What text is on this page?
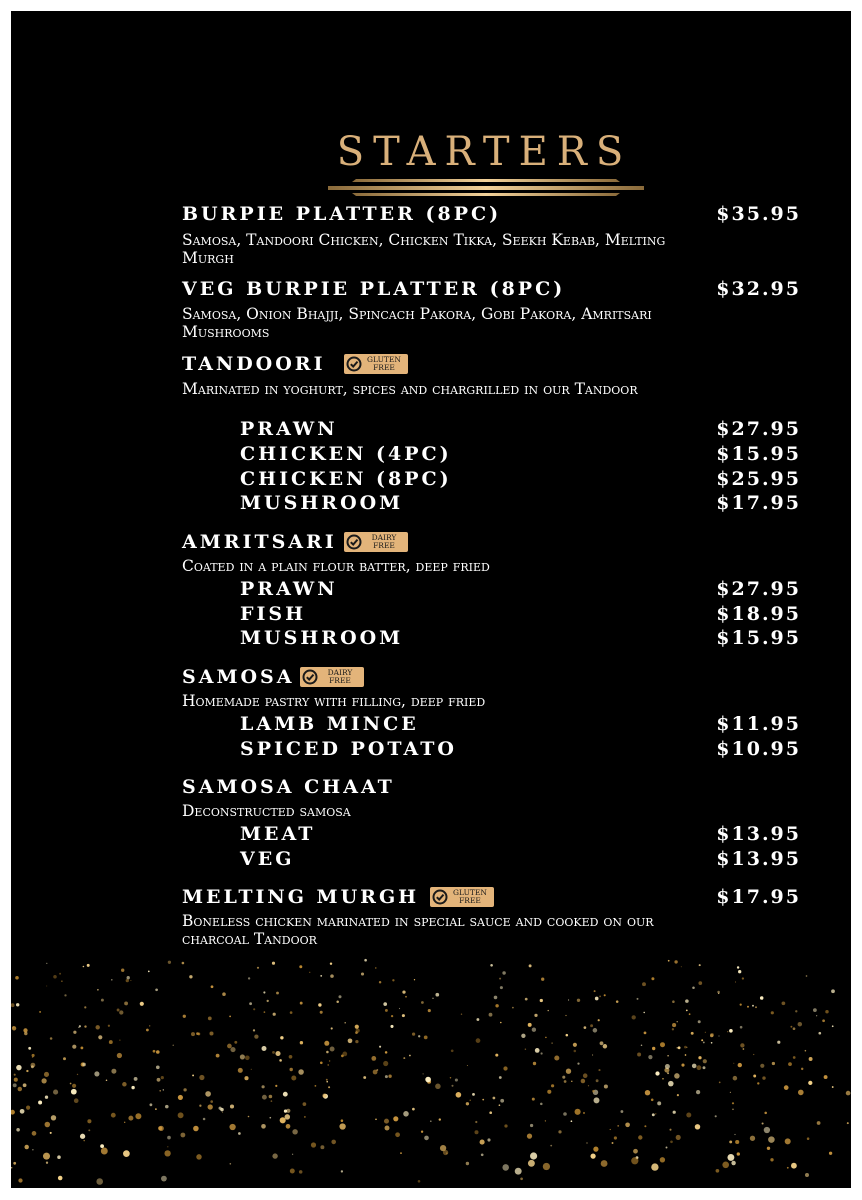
STARTERS
BURPIE PLATTER (8PC)	$35.95
Samosa, Tandoori Chicken, Chicken Tikka, Seekh Kebab, Melting Murgh
VEG BURPIE PLATTER (8PC)	$32.95
Samosa, Onion Bhajji, Spincach Pakora, Gobi Pakora, Amritsari Mushrooms
TANDOORI	GLUTEN FREE
Marinated in yoghurt, spices and chargrilled in our Tandoor
PRAWN	$27.95
CHICKEN (4PC)	$15.95
CHICKEN (8PC)	$25.95
MUSHROOM	$17.95
AMRITSARI	DAIRY FREE
Coated in a plain flour batter, deep fried
PRAWN	$27.95
FISH	$18.95
MUSHROOM	$15.95
SAMOSA	DAIRY FREE
Homemade pastry with filling, deep fried
LAMB MINCE	$11.95
SPICED POTATO	$10.95
SAMOSA CHAAT
Deconstructed samosa
MEAT	$13.95
VEG	$13.95
MELTING MURGH	GLUTEN FREE	$17.95
Boneless chicken marinated in special sauce and cooked on our charcoal Tandoor
